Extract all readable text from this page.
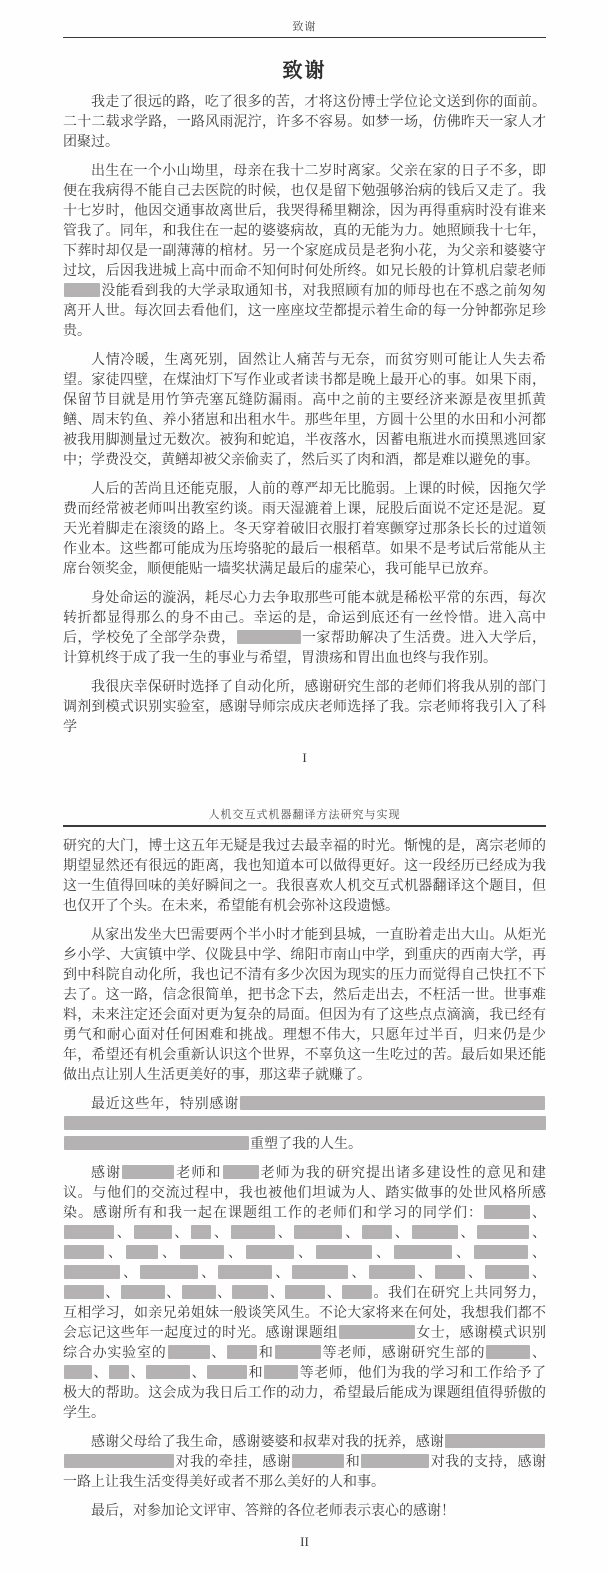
致谢
致谢

我走了很远的路，吃了很多的苦，才将这份博士学位论文送到你的面前。二十二载求学路，一路风雨泥泞，许多不容易。如梦一场，仿佛昨天一家人才团聚过。

出生在一个小山坳里，母亲在我十二岁时离家。父亲在家的日子不多，即便在我病得不能自己去医院的时候，也仅是留下勉强够治病的钱后又走了。我十七岁时，他因交通事故离世后，我哭得稀里糊涂，因为再得重病时没有谁来管我了。同年，和我住在一起的婆婆病故，真的无能为力。她照顾我十七年，下葬时却仅是一副薄薄的棺材。另一个家庭成员是老狗小花，为父亲和婆婆守过坟，后因我进城上高中而命不知何时何处所终。如兄长般的计算机启蒙老师没能看到我的大学录取通知书，对我照顾有加的师母也在不惑之前匆匆离开人世。每次回去看他们，这一座座坟茔都提示着生命的每一分钟都弥足珍贵。

人情冷暖，生离死别，固然让人痛苦与无奈，而贫穷则可能让人失去希望。家徒四壁，在煤油灯下写作业或者读书都是晚上最开心的事。如果下雨，保留节目就是用竹笋壳塞瓦缝防漏雨。高中之前的主要经济来源是夜里抓黄鳝、周末钓鱼、养小猪崽和出租水牛。那些年里，方圆十公里的水田和小河都被我用脚测量过无数次。被狗和蛇追，半夜落水，因蓄电瓶进水而摸黑逃回家中；学费没交，黄鳝却被父亲偷卖了，然后买了肉和酒，都是难以避免的事。

人后的苦尚且还能克服，人前的尊严却无比脆弱。上课的时候，因拖欠学费而经常被老师叫出教室约谈。雨天湿漉着上课，屁股后面说不定还是泥。夏天光着脚走在滚烫的路上。冬天穿着破旧衣服打着寒颤穿过那条长长的过道领作业本。这些都可能成为压垮骆驼的最后一根稻草。如果不是考试后常能从主席台领奖金，顺便能贴一墙奖状满足最后的虚荣心，我可能早已放弃。

身处命运的漩涡，耗尽心力去争取那些可能本就是稀松平常的东西，每次转折都显得那么的身不由己。幸运的是，命运到底还有一丝怜惜。进入高中后，学校免了全部学杂费，	一家帮助解决了生活费。进入大学后，计算机终于成了我一生的事业与希望，胃溃疡和胃出血也终与我作别。

我很庆幸保研时选择了自动化所，感谢研究生部的老师们将我从别的部门调剂到模式识别实验室，感谢导师宗成庆老师选择了我。宗老师将我引入了科学

I
人机交互式机器翻译方法研究与实现

研究的大门，博士这五年无疑是我过去最幸福的时光。惭愧的是，离宗老师的期望显然还有很远的距离，我也知道本可以做得更好。这一段经历已经成为我这一生值得回味的美好瞬间之一。我很喜欢人机交互式机器翻译这个题目，但也仅开了个头。在未来，希望能有机会弥补这段遗憾。

从家出发坐大巴需要两个半小时才能到县城，一直盼着走出大山。从炬光乡小学、大寅镇中学、仪陇县中学、绵阳市南山中学，到重庆的西南大学，再到中科院自动化所，我也记不清有多少次因为现实的压力而觉得自己快扛不下去了。这一路，信念很简单，把书念下去，然后走出去，不枉活一世。世事难料，未来注定还会面对更为复杂的局面。但因为有了这些点点滴滴，我已经有勇气和耐心面对任何困难和挑战。理想不伟大，只愿年过半百，归来仍是少年，希望还有机会重新认识这个世界，不辜负这一生吃过的苦。最后如果还能做出点让别人生活更美好的事，那这辈子就赚了。

最近这些年，特别感谢重塑了我的人生。

感谢	老师和	老师为我的研究提出诸多建设性的意见和建议。与他们的交流过程中，我也被他们坦诚为人、踏实做事的处世风格所感染。感谢所有和我一起在课题组工作的老师们和学习的同学们：	、、	、 、	、	、 、	、	、、 、	、	、	、	、	、、	、	、	、	、 、	、、	、	、	、	、 。我们在研究上共同努力，互相学习，如亲兄弟姐妹一般谈笑风生。不论大家将来在何处，我想我们都不会忘记这些年一起度过的时光。感谢课题组	女士，感谢模式识别综合办实验室的	、 和	等老师，感谢研究生部的	、、 、	、	和	等老师，他们为我的学习和工作给予了极大的帮助。这会成为我日后工作的动力，希望最后能成为课题组值得骄傲的学生。

感谢父母给了我生命，感谢婆婆和叔辈对我的抚养，感谢对我的牵挂，感谢	和	对我的支持，感谢一路上让我生活变得美好或者不那么美好的人和事。

最后，对参加论文评审、答辩的各位老师表示衷心的感谢！

II
